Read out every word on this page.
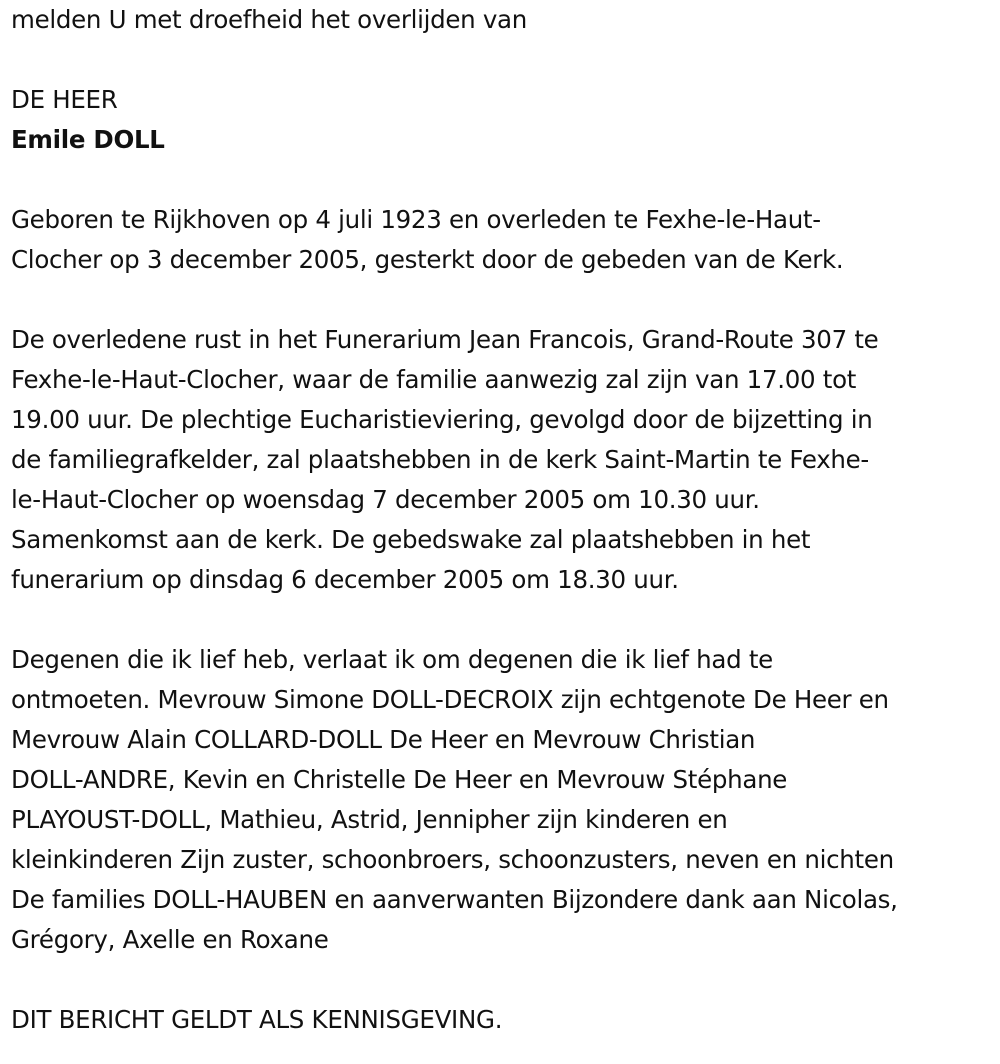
melden U met droefheid het overlijden van

DE HEER

Emile DOLL

Geboren te Rijkhoven op 4 juli 1923 en overleden te Fexhe-le-Haut-
Clocher op 3 december 2005, gesterkt door de gebeden van de Kerk.

De overledene rust in het Funerarium Jean Francois, Grand-Route 307 te
Fexhe-le-Haut-Clocher, waar de familie aanwezig zal zijn van 17.00 tot
19.00 uur. De plechtige Eucharistieviering, gevolgd door de bijzetting in
de familiegrafkelder, zal plaatshebben in de kerk Saint-Martin te Fexhe-
le-Haut-Clocher op woensdag 7 december 2005 om 10.30 uur.
Samenkomst aan de kerk. De gebedswake zal plaatshebben in het
funerarium op dinsdag 6 december 2005 om 18.30 uur.

Degenen die ik lief heb, verlaat ik om degenen die ik lief had te
ontmoeten. Mevrouw Simone DOLL-DECROIX zijn echtgenote De Heer en
Mevrouw Alain COLLARD-DOLL De Heer en Mevrouw Christian
DOLL-ANDRE, Kevin en Christelle De Heer en Mevrouw Stéphane
PLAYOUST-DOLL, Mathieu, Astrid, Jennipher zijn kinderen en
kleinkinderen Zijn zuster, schoonbroers, schoonzusters, neven en nichten
De families DOLL-HAUBEN en aanverwanten Bijzondere dank aan Nicolas,
Grégory, Axelle en Roxane

DIT BERICHT GELDT ALS KENNISGEVING.
